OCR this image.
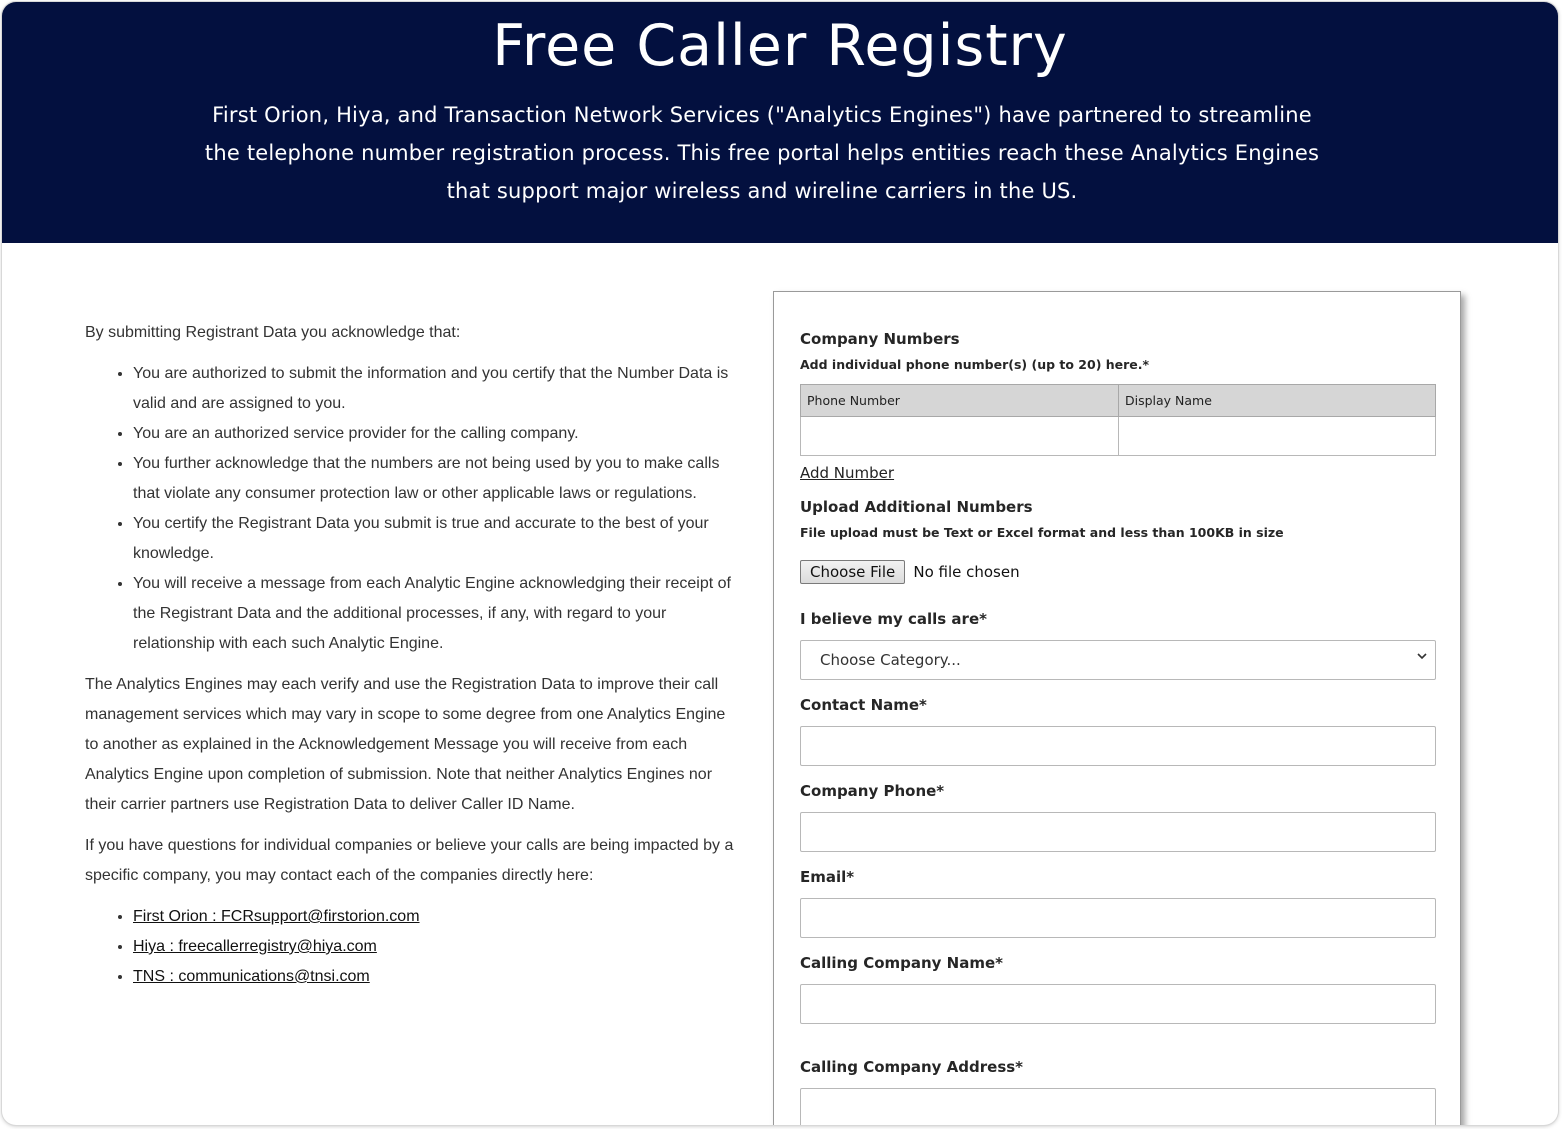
Free Caller Registry

First Orion, Hiya, and Transaction Network Services ("Analytics Engines") have partnered to streamline the telephone number registration process. This free portal helps entities reach these Analytics Engines that support major wireless and wireline carriers in the US.

By submitting Registrant Data you acknowledge that:

• You are authorized to submit the information and you certify that the Number Data is valid and are assigned to you.
• You are an authorized service provider for the calling company.
• You further acknowledge that the numbers are not being used by you to make calls that violate any consumer protection law or other applicable laws or regulations.
• You certify the Registrant Data you submit is true and accurate to the best of your knowledge.
• You will receive a message from each Analytic Engine acknowledging their receipt of the Registrant Data and the additional processes, if any, with regard to your relationship with each such Analytic Engine.

The Analytics Engines may each verify and use the Registration Data to improve their call management services which may vary in scope to some degree from one Analytics Engine to another as explained in the Acknowledgement Message you will receive from each Analytics Engine upon completion of submission. Note that neither Analytics Engines nor their carrier partners use Registration Data to deliver Caller ID Name.

If you have questions for individual companies or believe your calls are being impacted by a specific company, you may contact each of the companies directly here:

• First Orion : FCRsupport@firstorion.com
• Hiya : freecallerregistry@hiya.com
• TNS : communications@tnsi.com
Company Numbers
Add individual phone number(s) (up to 20) here.*
Phone Number	Display Name

Add Number
Upload Additional Numbers
File upload must be Text or Excel format and less than 100KB in size
Choose File No file chosen
I believe my calls are*
Choose Category...
Contact Name*
Company Phone*
Email*
Calling Company Name*
Calling Company Address*
